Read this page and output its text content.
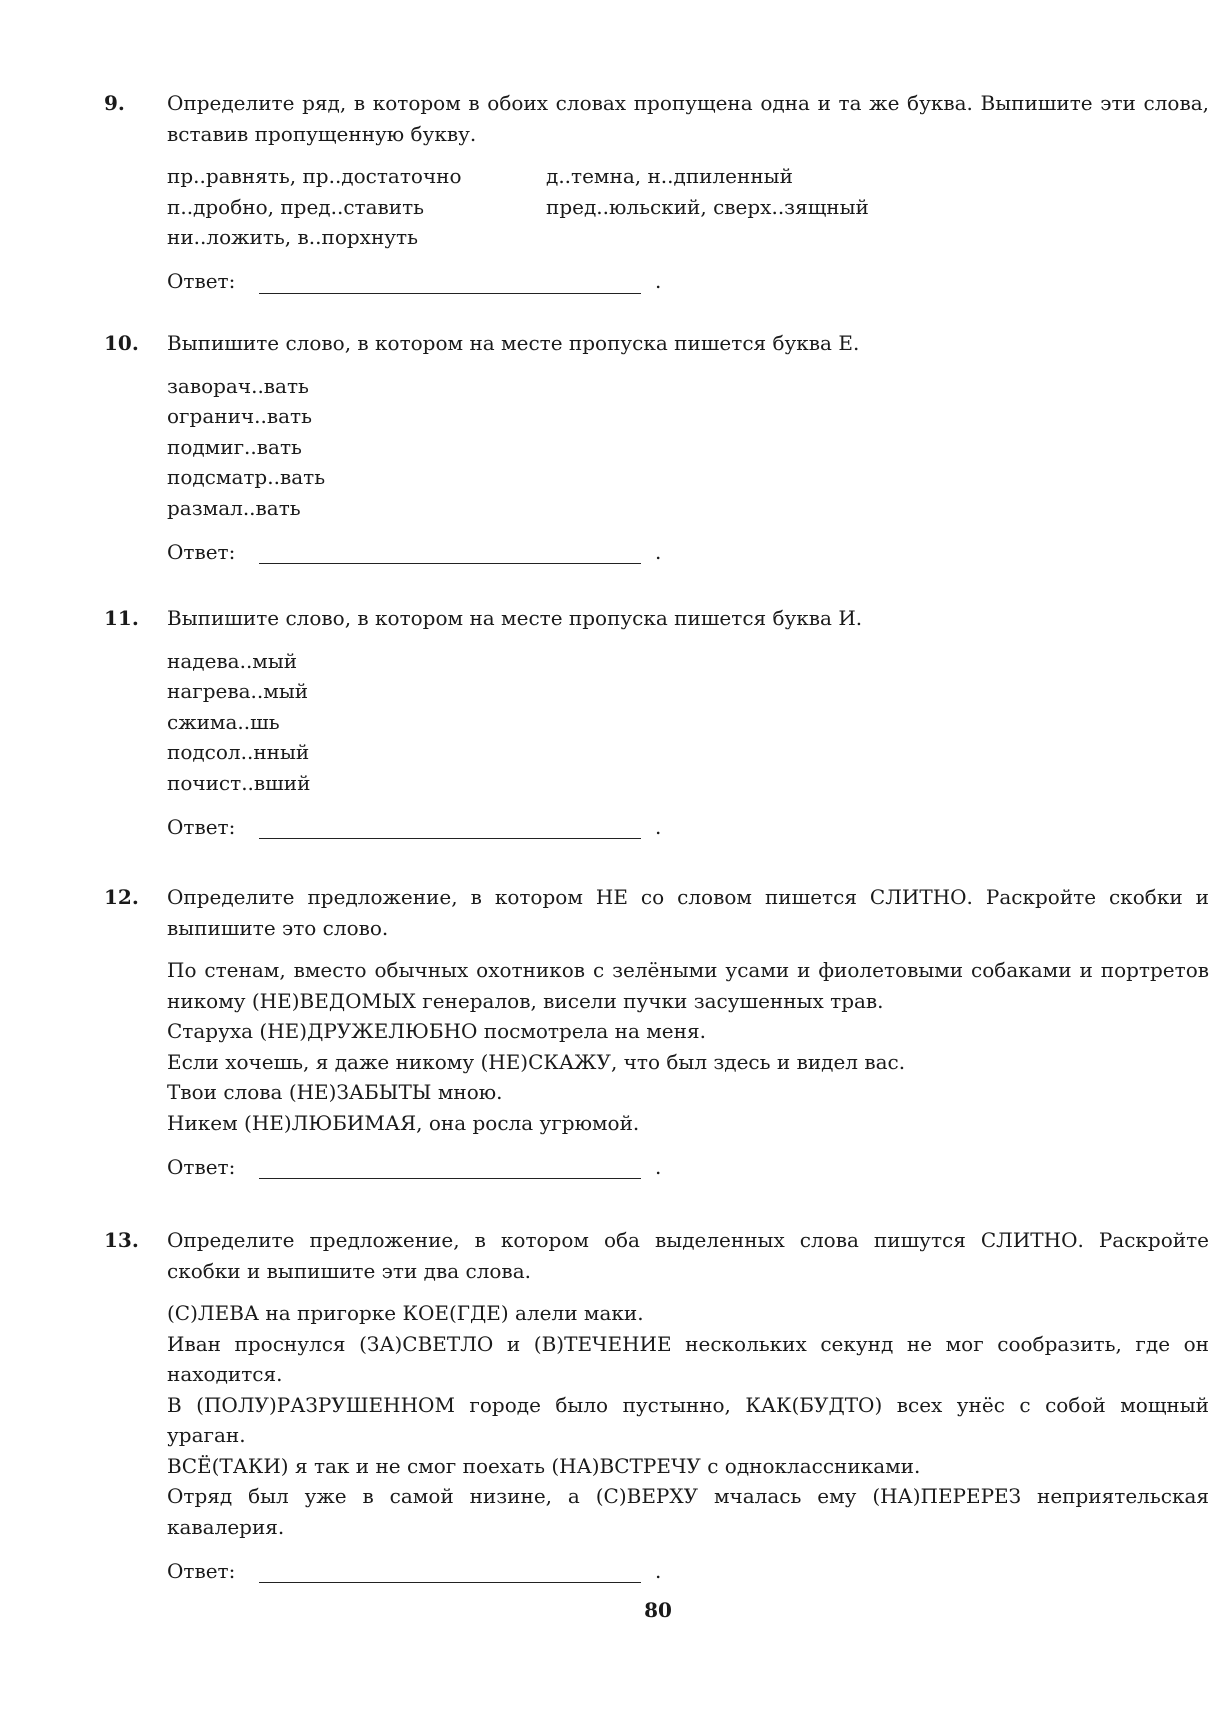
9. Определите ряд, в котором в обоих словах пропущена одна и та же буква. Выпишите эти слова, вставив пропущенную букву.
пр..равнять, пр..достаточно	д..темна, н..дпиленный
п..дробно, пред..ставить	пред..юльский, сверх..зящный
ни..ложить, в..порхнуть
Ответ:	.
10. Выпишите слово, в котором на месте пропуска пишется буква Е.
заворач..вать
огранич..вать
подмиг..вать
подсматр..вать
размал..вать
Ответ:	.
11. Выпишите слово, в котором на месте пропуска пишется буква И.
надева..мый
нагрева..мый
сжима..шь
подсол..нный
почист..вший
Ответ:	.
12. Определите предложение, в котором НЕ со словом пишется СЛИТНО. Раскройте скобки и выпишите это слово.
По стенам, вместо обычных охотников с зелёными усами и фиолетовыми собаками и портретов никому (НЕ)ВЕДОМЫХ генералов, висели пучки засушенных трав.
Старуха (НЕ)ДРУЖЕЛЮБНО посмотрела на меня.
Если хочешь, я даже никому (НЕ)СКАЖУ, что был здесь и видел вас.
Твои слова (НЕ)ЗАБЫТЫ мною.
Никем (НЕ)ЛЮБИМАЯ, она росла угрюмой.
Ответ:	.
13. Определите предложение, в котором оба выделенных слова пишутся СЛИТНО. Раскройте скобки и выпишите эти два слова.
(С)ЛЕВА на пригорке КОЕ(ГДЕ) алели маки.
Иван проснулся (ЗА)СВЕТЛО и (В)ТЕЧЕНИЕ нескольких секунд не мог сообразить, где он находится.
В (ПОЛУ)РАЗРУШЕННОМ городе было пустынно, КАК(БУДТО) всех унёс с собой мощный ураган.
ВСЁ(ТАКИ) я так и не смог поехать (НА)ВСТРЕЧУ с одноклассниками.
Отряд был уже в самой низине, а (С)ВЕРХУ мчалась ему (НА)ПЕРЕРЕЗ неприятельская кавалерия.
Ответ:	.
80
